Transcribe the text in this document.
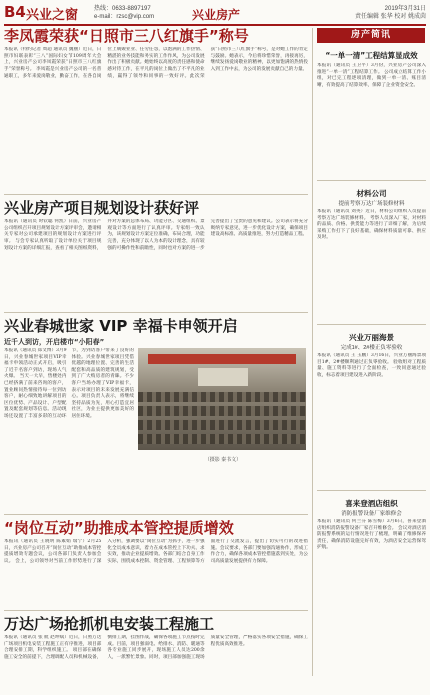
B4 兴业之窗	热线：0633-8897197
e-mail：rzsc@vip.com	兴业房产	2019年3月31日
责任编辑 张华 校对 姚成茵
李凤霞荣获“日照市三八红旗手”称号
本报讯（特约记者 周超 通讯员 魏丽）近日，日照市妇联表彰“三八”国际妇女节109周年大会上，兴业房产公司李凤霞荣获“日照市三八红旗手”荣誉称号。 李凤霞是兴业房产公司的一名普通职工，多年来爱岗敬业，勤奋工作，在各自岗位上兢兢业业、任劳任怨，以饱满的工作热情、精湛的业务技能和务实的工作作风，为公司发展作出了积极贡献。她始终以高度的责任感和使命感对待工作，在平凡的岗位上做出了不平凡的业绩，赢得了领导和同事的一致好评。此次荣获“日照市三八红旗手”称号，是对她工作的肯定与鼓励。她表示，今后将珍惜荣誉，再接再厉，继续发扬爱岗敬业的精神，以更加饱满的热情投入到工作中去，为公司的发展贡献自己的力量。
兴业房产项目规划设计获好评
本报讯（通讯员 时钦聪 何凯）日前，兴业房产公司组织召开项目规划设计方案评审会，邀请相关专家对公司承建项目的规划设计方案进行评审。 与会专家认真听取了设计单位关于项目规划设计方案的详细汇报，查看了相关图纸资料，并对方案的总体布局、功能分区、交通组织、景观设计等方面进行了认真评审。专家组一致认为，该规划设计方案定位准确，布局合理，功能完善，充分体现了以人为本的设计理念，具有较强的可操作性和前瞻性，同时也对方案的进一步完善提出了宝贵的意见和建议。公司表示将充分吸纳专家意见，进一步优化设计方案，确保项目建设高标准、高质量推进，努力打造精品工程。
兴业春城世家 VIP 幸福卡申领开启
近千人到访，开启楼市“小阳春”
本报讯（通讯员 郑文博）3月9日，兴业春城世家项目VIP幸福卡申领活动正式开启，吸引了近千名客户到访，现场人气火爆。 当天一大早，售楼处内已经挤满了前来咨询的客户，置业顾问热情接待每一位到访客户，耐心细致地讲解项目的区位优势、产品设计、户型配置及配套规划等信息。活动现场还设置了丰富多彩的互动环节，为到访客户带来了良好的体验。兴业春城世家项目凭借优越的地理位置、完善的生活配套和高品质的建筑规划，受到了广大购房者的青睐。不少客户当场办理了VIP幸福卡，表示对项目的未来发展充满信心。项目负责人表示，将继续坚持品质为先，用心打造宜居社区，为业主提供更加美好的居住环境。
（摄影 秦书文）
“岗位互动”助推成本管控提质增效
本报讯（通讯员 王晓明 陈素娟 瑞宁）2月25日，兴业房产公司召开“岗位互动”助推成本管控提质增效专题会议，公司各部门负责人参加会议。 会上，公司领导对当前工作形势进行了深入分析，强调要以“岗位互动”为抓手，进一步强化全员成本意识，着力在成本管控上下功夫、求实效，推动企业提质增效。各部门结合自身工作实际，围绕成本控制、资金管理、工程预算等方面进行了交流发言，提出了切实可行的改进措施。会议要求，各部门要加强沟通协作，形成工作合力，确保各项成本管控措施落到实处，为公司高质量发展提供有力保障。
万达广场抢抓机电安装工程施工
本报讯（通讯员 张 航 赵坤斌）近日，日照万达广场项目机电安装工程施工正有序推进，项目部合理安排工期，科学组织施工。 项目部在确保施工安全的前提下，合理调配人员和机械设备，倒排工期，挂图作战，确保各项施工节点按时完成。目前，项目强弱电、给排水、消防、暖通等各专业施工同步展开，现场施工人员达200余人，一派繁忙景象。同时，项目部加强施工现场质量安全管理，严格落实各项安全措施，确保工程优质高效推进。
房产简讯
“一单一清”工程结算显成效
本报讯（通讯员 王卫平）3月份，兴业房产公司深入推进“一单一清”工程结算工作。 公司成立结算工作小组，对已完工程逐项清理，做到一单一清、账目清晰，有效提高了结算效率，保障了企业资金安全。
材料公司
提前考察万达广场装修材料
本报讯（通讯员 刘英）近日，材料公司组织人员提前考察万达广场装修材料。 考察人员深入厂家，对材料的品质、价格、供货能力等进行了详细了解，为后续采购工作打下了良好基础，确保材料质量可靠、供应及时。
兴业万丽海景
完成1#、2#楼正负零验收
本报讯（通讯员 王 玉鹏）3月16日，兴业万丽海景项目1#、2#楼顺利通过正负零验收。 验收组对工程质量、施工资料等进行了全面检查，一致同意通过验收，标志着项目建设进入新阶段。
喜来登酒店组织
消防报警设备厂家维修会
本报讯（通讯员 何兰芬 陈雪梅）3月6日，喜来登酒店组织消防报警设备厂家召开维修会。 会议对酒店消防报警系统的运行情况进行了梳理，明确了维修保养责任，确保消防设施完好有效，为酒店安全运营保驾护航。
